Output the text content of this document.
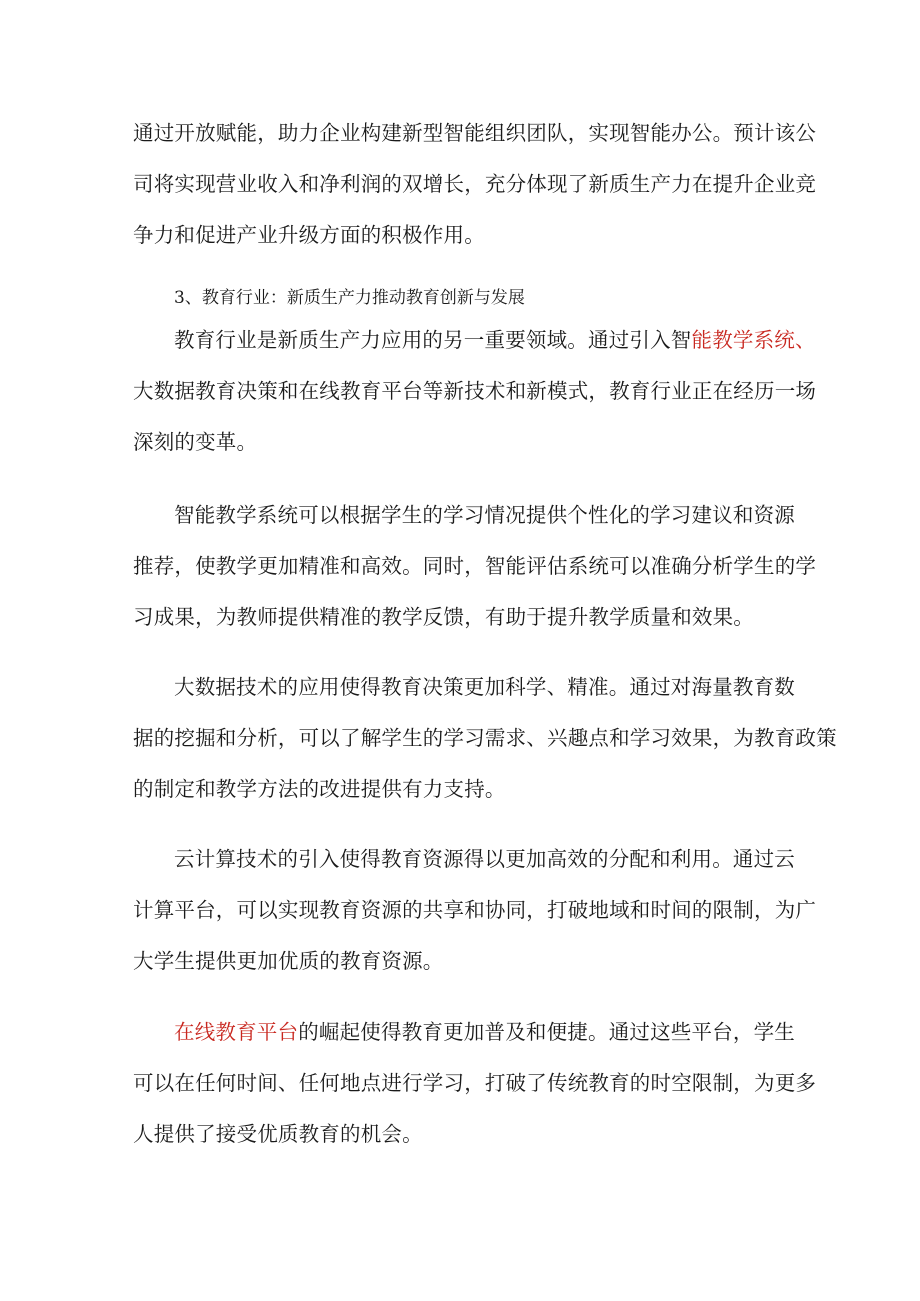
通过开放赋能，助力企业构建新型智能组织团队，实现智能办公。预计该公
司将实现营业收入和净利润的双增长，充分体现了新质生产力在提升企业竞
争力和促进产业升级方面的积极作用。

3、教育行业：新质生产力推动教育创新与发展

教育行业是新质生产力应用的另一重要领域。通过引入智能教学系统、
大数据教育决策和在线教育平台等新技术和新模式，教育行业正在经历一场
深刻的变革。

智能教学系统可以根据学生的学习情况提供个性化的学习建议和资源
推荐，使教学更加精准和高效。同时，智能评估系统可以准确分析学生的学
习成果，为教师提供精准的教学反馈，有助于提升教学质量和效果。

大数据技术的应用使得教育决策更加科学、精准。通过对海量教育数
据的挖掘和分析，可以了解学生的学习需求、兴趣点和学习效果，为教育政策
的制定和教学方法的改进提供有力支持。

云计算技术的引入使得教育资源得以更加高效的分配和利用。通过云
计算平台，可以实现教育资源的共享和协同，打破地域和时间的限制，为广
大学生提供更加优质的教育资源。

在线教育平台的崛起使得教育更加普及和便捷。通过这些平台，学生
可以在任何时间、任何地点进行学习，打破了传统教育的时空限制，为更多
人提供了接受优质教育的机会。
